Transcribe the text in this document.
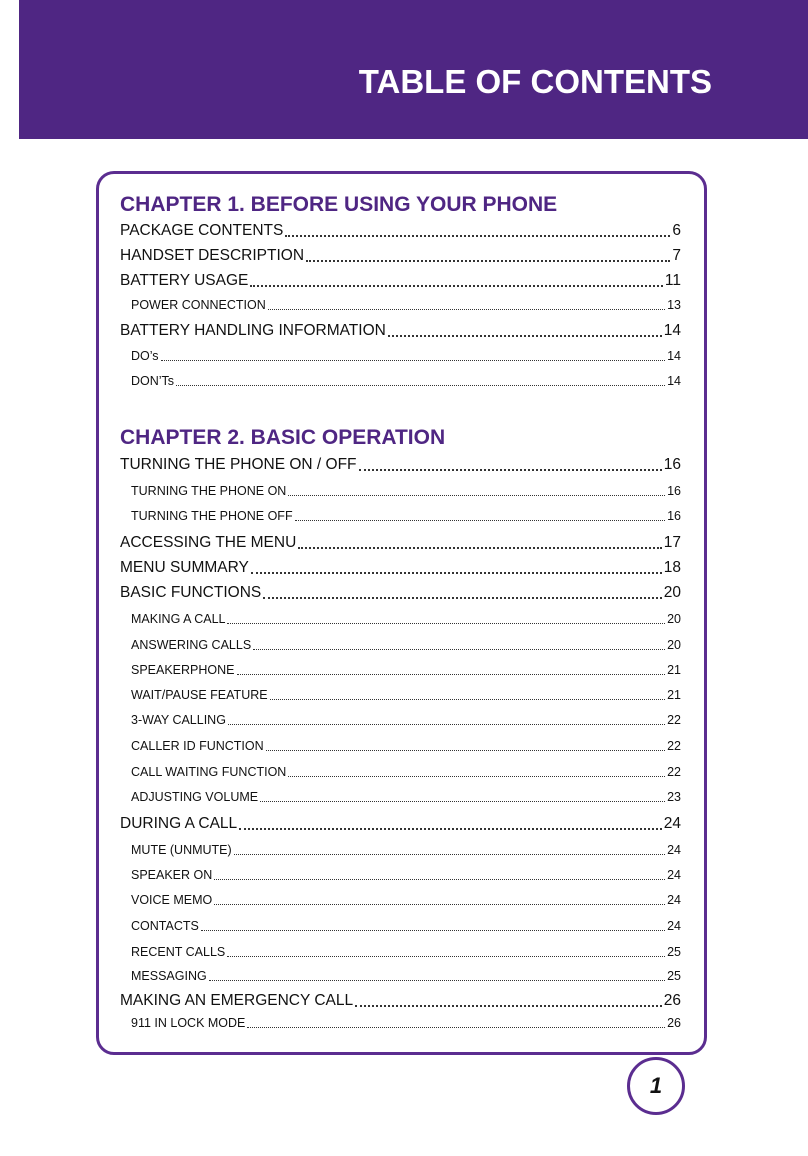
TABLE OF CONTENTS
CHAPTER 1. BEFORE USING YOUR PHONE
CHAPTER 2. BASIC OPERATION
PACKAGE CONTENTS	6
HANDSET DESCRIPTION	7
BATTERY USAGE	11
POWER CONNECTION	13
BATTERY HANDLING INFORMATION	14
DO’s	14
DON’Ts	14
TURNING THE PHONE ON / OFF	16
TURNING THE PHONE ON	16
TURNING THE PHONE OFF	16
ACCESSING THE MENU	17
MENU SUMMARY	18
BASIC FUNCTIONS	20
MAKING A CALL	20
ANSWERING CALLS	20
SPEAKERPHONE	21
WAIT/PAUSE FEATURE	21
3-WAY CALLING	22
CALLER ID FUNCTION	22
CALL WAITING FUNCTION	22
ADJUSTING VOLUME	23
DURING A CALL	24
MUTE (UNMUTE)	24
SPEAKER ON	24
VOICE MEMO	24
CONTACTS	24
RECENT CALLS	25
MESSAGING	25
MAKING AN EMERGENCY CALL	26
911 IN LOCK MODE	26
1
